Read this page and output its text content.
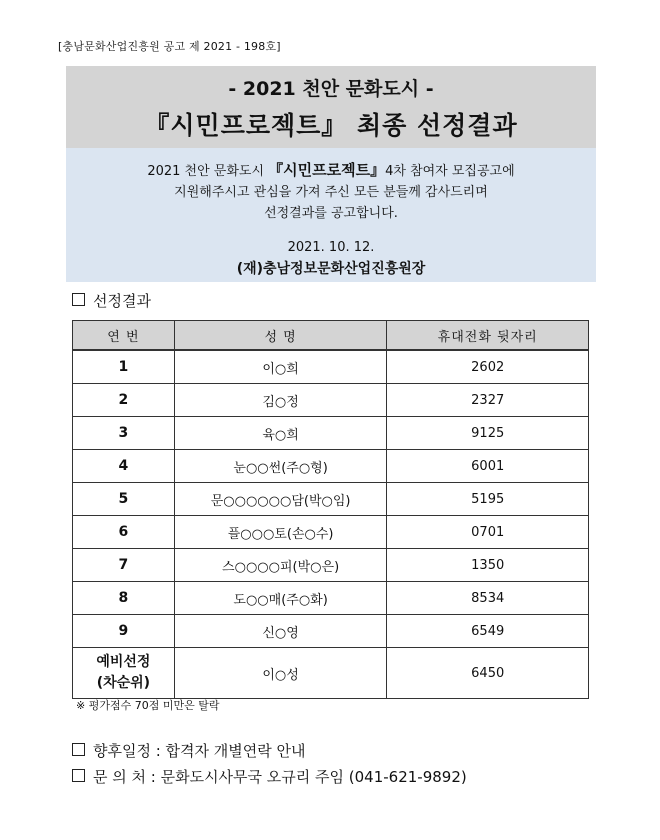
[충남문화산업진흥원 공고 제 2021 - 198호]
- 2021 천안 문화도시 -
『시민프로젝트』 최종 선정결과
2021 천안 문화도시 『시민프로젝트』4차 참여자 모집공고에
지원해주시고 관심을 가져 주신 모든 분들께 감사드리며
선정결과를 공고합니다.
2021. 10. 12.
(재)충남정보문화산업진흥원장
선정결과
연 번	성 명	휴대전화 뒷자리
1	이○희	2602
2	김○정	2327
3	육○희	9125
4	눈○○썬(주○형)	6001
5	문○○○○○○담(박○임)	5195
6	플○○○토(손○수)	0701
7	스○○○○피(박○은)	1350
8	도○○매(주○화)	8534
9	신○영	6549

예비선정
(차순위)	이○성	6450
※ 평가점수 70점 미만은 탈락
향후일정 : 합격자 개별연락 안내
문 의 처 : 문화도시사무국 오규리 주임 (041-621-9892)
